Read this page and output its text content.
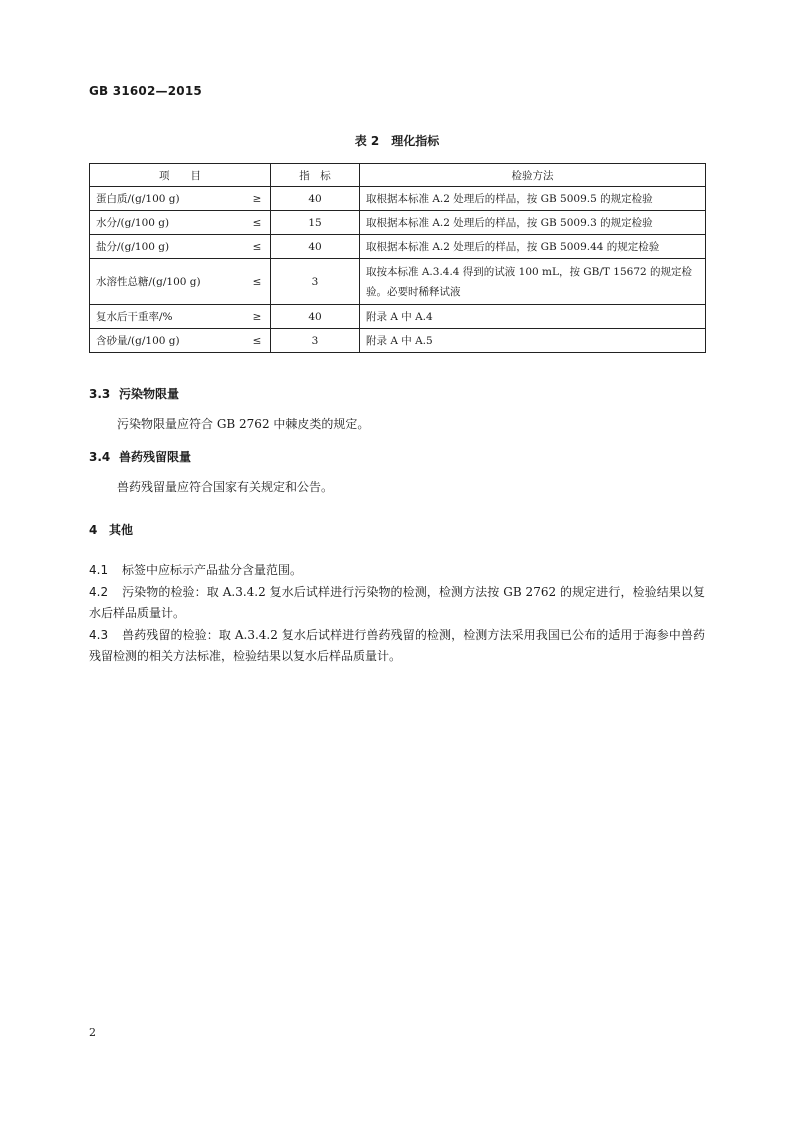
GB 31602—2015
表 2　理化指标
项　　目	指　标	检验方法

蛋白质/(g/100 g) ≥	40	取根据本标准 A.2 处理后的样品，按 GB 5009.5 的规定检验

水分/(g/100 g) ≤	15	取根据本标准 A.2 处理后的样品，按 GB 5009.3 的规定检验

盐分/(g/100 g) ≤	40	取根据本标准 A.2 处理后的样品，按 GB 5009.44 的规定检验

水溶性总糖/(g/100 g) ≤	3	取按本标准 A.3.4.4 得到的试液 100 mL，按 GB/T 15672 的规定检验。必要时稀释试液

复水后干重率/% ≥	40	附录 A 中 A.4

含砂量/(g/100 g) ≤	3	附录 A 中 A.5
3.3 污染物限量
污染物限量应符合 GB 2762 中棘皮类的规定。
3.4 兽药残留限量
兽药残留量应符合国家有关规定和公告。
4 其他
4.1 标签中应标示产品盐分含量范围。
4.2 污染物的检验：取 A.3.4.2 复水后试样进行污染物的检测，检测方法按 GB 2762 的规定进行，检验结果以复水后样品质量计。
4.3 兽药残留的检验：取 A.3.4.2 复水后试样进行兽药残留的检测，检测方法采用我国已公布的适用于海参中兽药残留检测的相关方法标准，检验结果以复水后样品质量计。
2
